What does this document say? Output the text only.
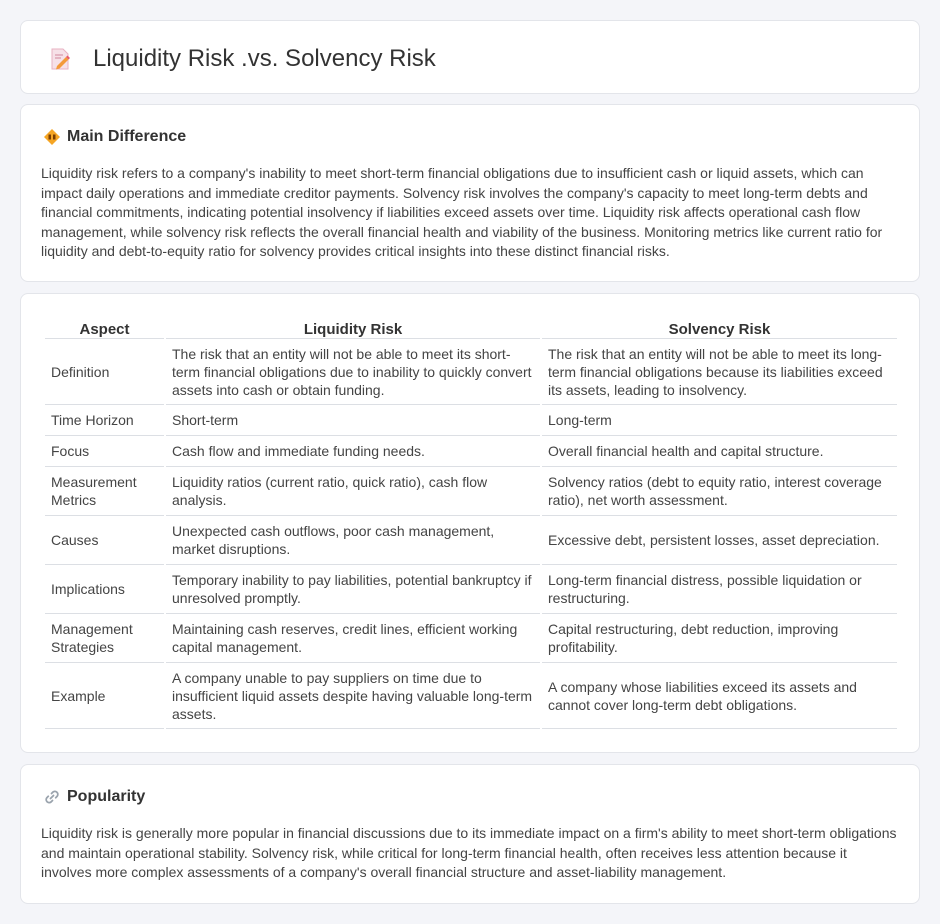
Liquidity Risk .vs. Solvency Risk
Main Difference

Liquidity risk refers to a company's inability to meet short-term financial obligations due to insufficient cash or liquid assets, which can impact daily operations and immediate creditor payments. Solvency risk involves the company's capacity to meet long-term debts and financial commitments, indicating potential insolvency if liabilities exceed assets over time. Liquidity risk affects operational cash flow management, while solvency risk reflects the overall financial health and viability of the business. Monitoring metrics like current ratio for liquidity and debt-to-equity ratio for solvency provides critical insights into these distinct financial risks.

Aspect	Liquidity Risk	Solvency Risk
Definition	The risk that an entity will not be able to meet its short-term financial obligations due to inability to quickly convert assets into cash or obtain funding.	The risk that an entity will not be able to meet its long-term financial obligations because its liabilities exceed its assets, leading to insolvency.
Time Horizon	Short-term	Long-term
Focus	Cash flow and immediate funding needs.	Overall financial health and capital structure.
Measurement Metrics	Liquidity ratios (current ratio, quick ratio), cash flow analysis.	Solvency ratios (debt to equity ratio, interest coverage ratio), net worth assessment.
Causes	Unexpected cash outflows, poor cash management, market disruptions.	Excessive debt, persistent losses, asset depreciation.
Implications	Temporary inability to pay liabilities, potential bankruptcy if unresolved promptly.	Long-term financial distress, possible liquidation or restructuring.
Management Strategies	Maintaining cash reserves, credit lines, efficient working capital management.	Capital restructuring, debt reduction, improving profitability.
Example	A company unable to pay suppliers on time due to insufficient liquid assets despite having valuable long-term assets.	A company whose liabilities exceed its assets and cannot cover long-term debt obligations.
Popularity

Liquidity risk is generally more popular in financial discussions due to its immediate impact on a firm's ability to meet short-term obligations and maintain operational stability. Solvency risk, while critical for long-term financial health, often receives less attention because it involves more complex assessments of a company's overall financial structure and asset-liability management.
